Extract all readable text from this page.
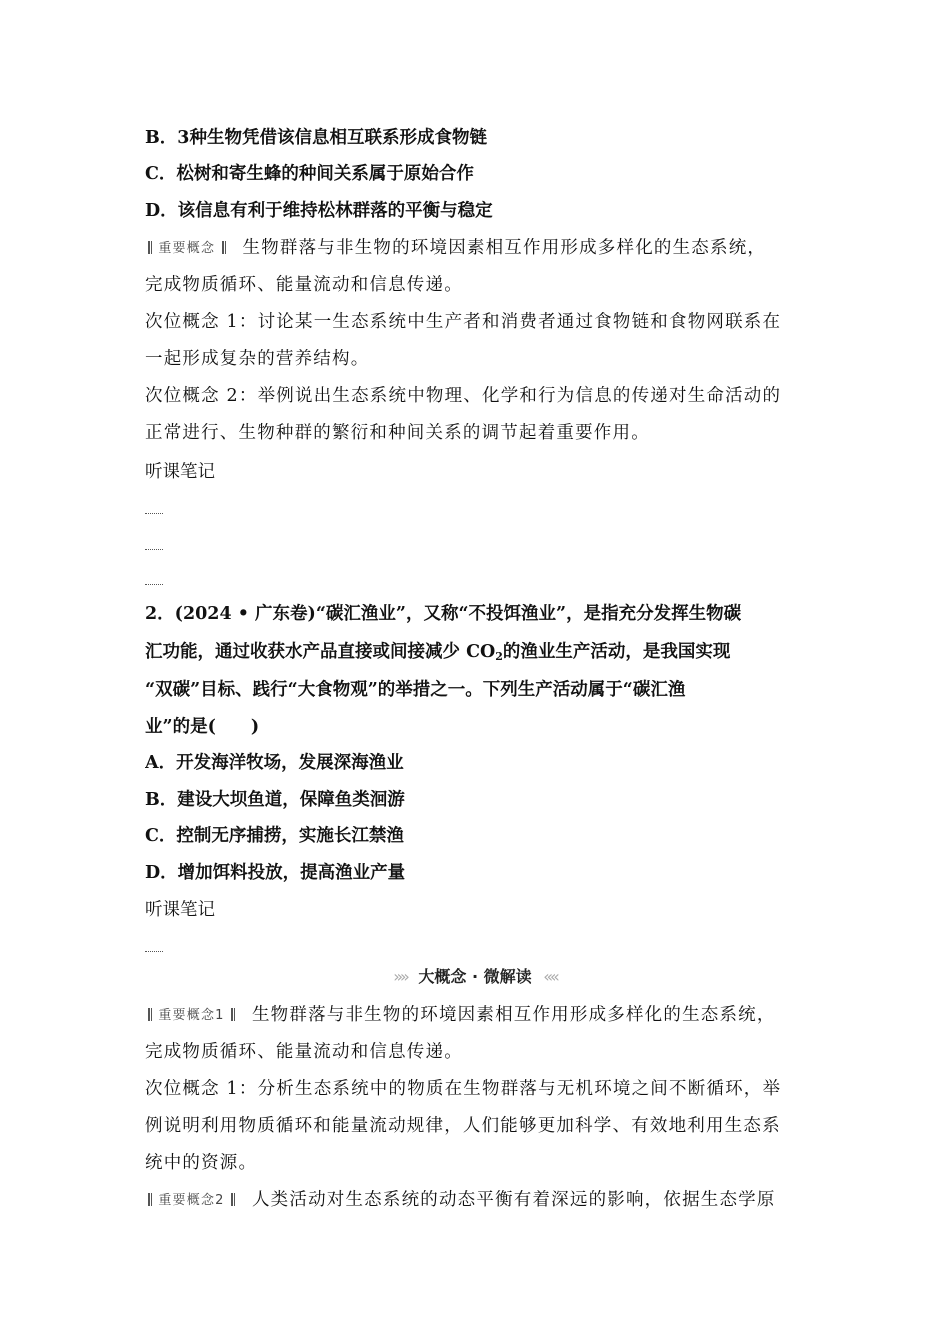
B．3种生物凭借该信息相互联系形成食物链
C．松树和寄生蜂的种间关系属于原始合作
D．该信息有利于维持松林群落的平衡与稳定
重要概念 生物群落与非生物的环境因素相互作用形成多样化的生态系统，
完成物质循环、能量流动和信息传递。
次位概念 1：讨论某一生态系统中生产者和消费者通过食物链和食物网联系在
一起形成复杂的营养结构。
次位概念 2：举例说出生态系统中物理、化学和行为信息的传递对生命活动的
正常进行、生物种群的繁衍和种间关系的调节起着重要作用。
听课笔记
2．(2024 • 广东卷)“碳汇渔业”，又称“不投饵渔业”，是指充分发挥生物碳
汇功能，通过收获水产品直接或间接减少 $CO_2$的渔业生产活动，是我国实现
“双碳”目标、践行“大食物观”的举措之一。下列生产活动属于“碳汇渔
业”的是(　　)
A．开发海洋牧场，发展深海渔业
B．建设大坝鱼道，保障鱼类洄游
C．控制无序捕捞，实施长江禁渔
D．增加饵料投放，提高渔业产量
听课笔记
»» 大概念 · 微解读 ««
重要概念1 生物群落与非生物的环境因素相互作用形成多样化的生态系统，
完成物质循环、能量流动和信息传递。
次位概念 1：分析生态系统中的物质在生物群落与无机环境之间不断循环，举
例说明利用物质循环和能量流动规律，人们能够更加科学、有效地利用生态系
统中的资源。
重要概念2 人类活动对生态系统的动态平衡有着深远的影响，依据生态学原
